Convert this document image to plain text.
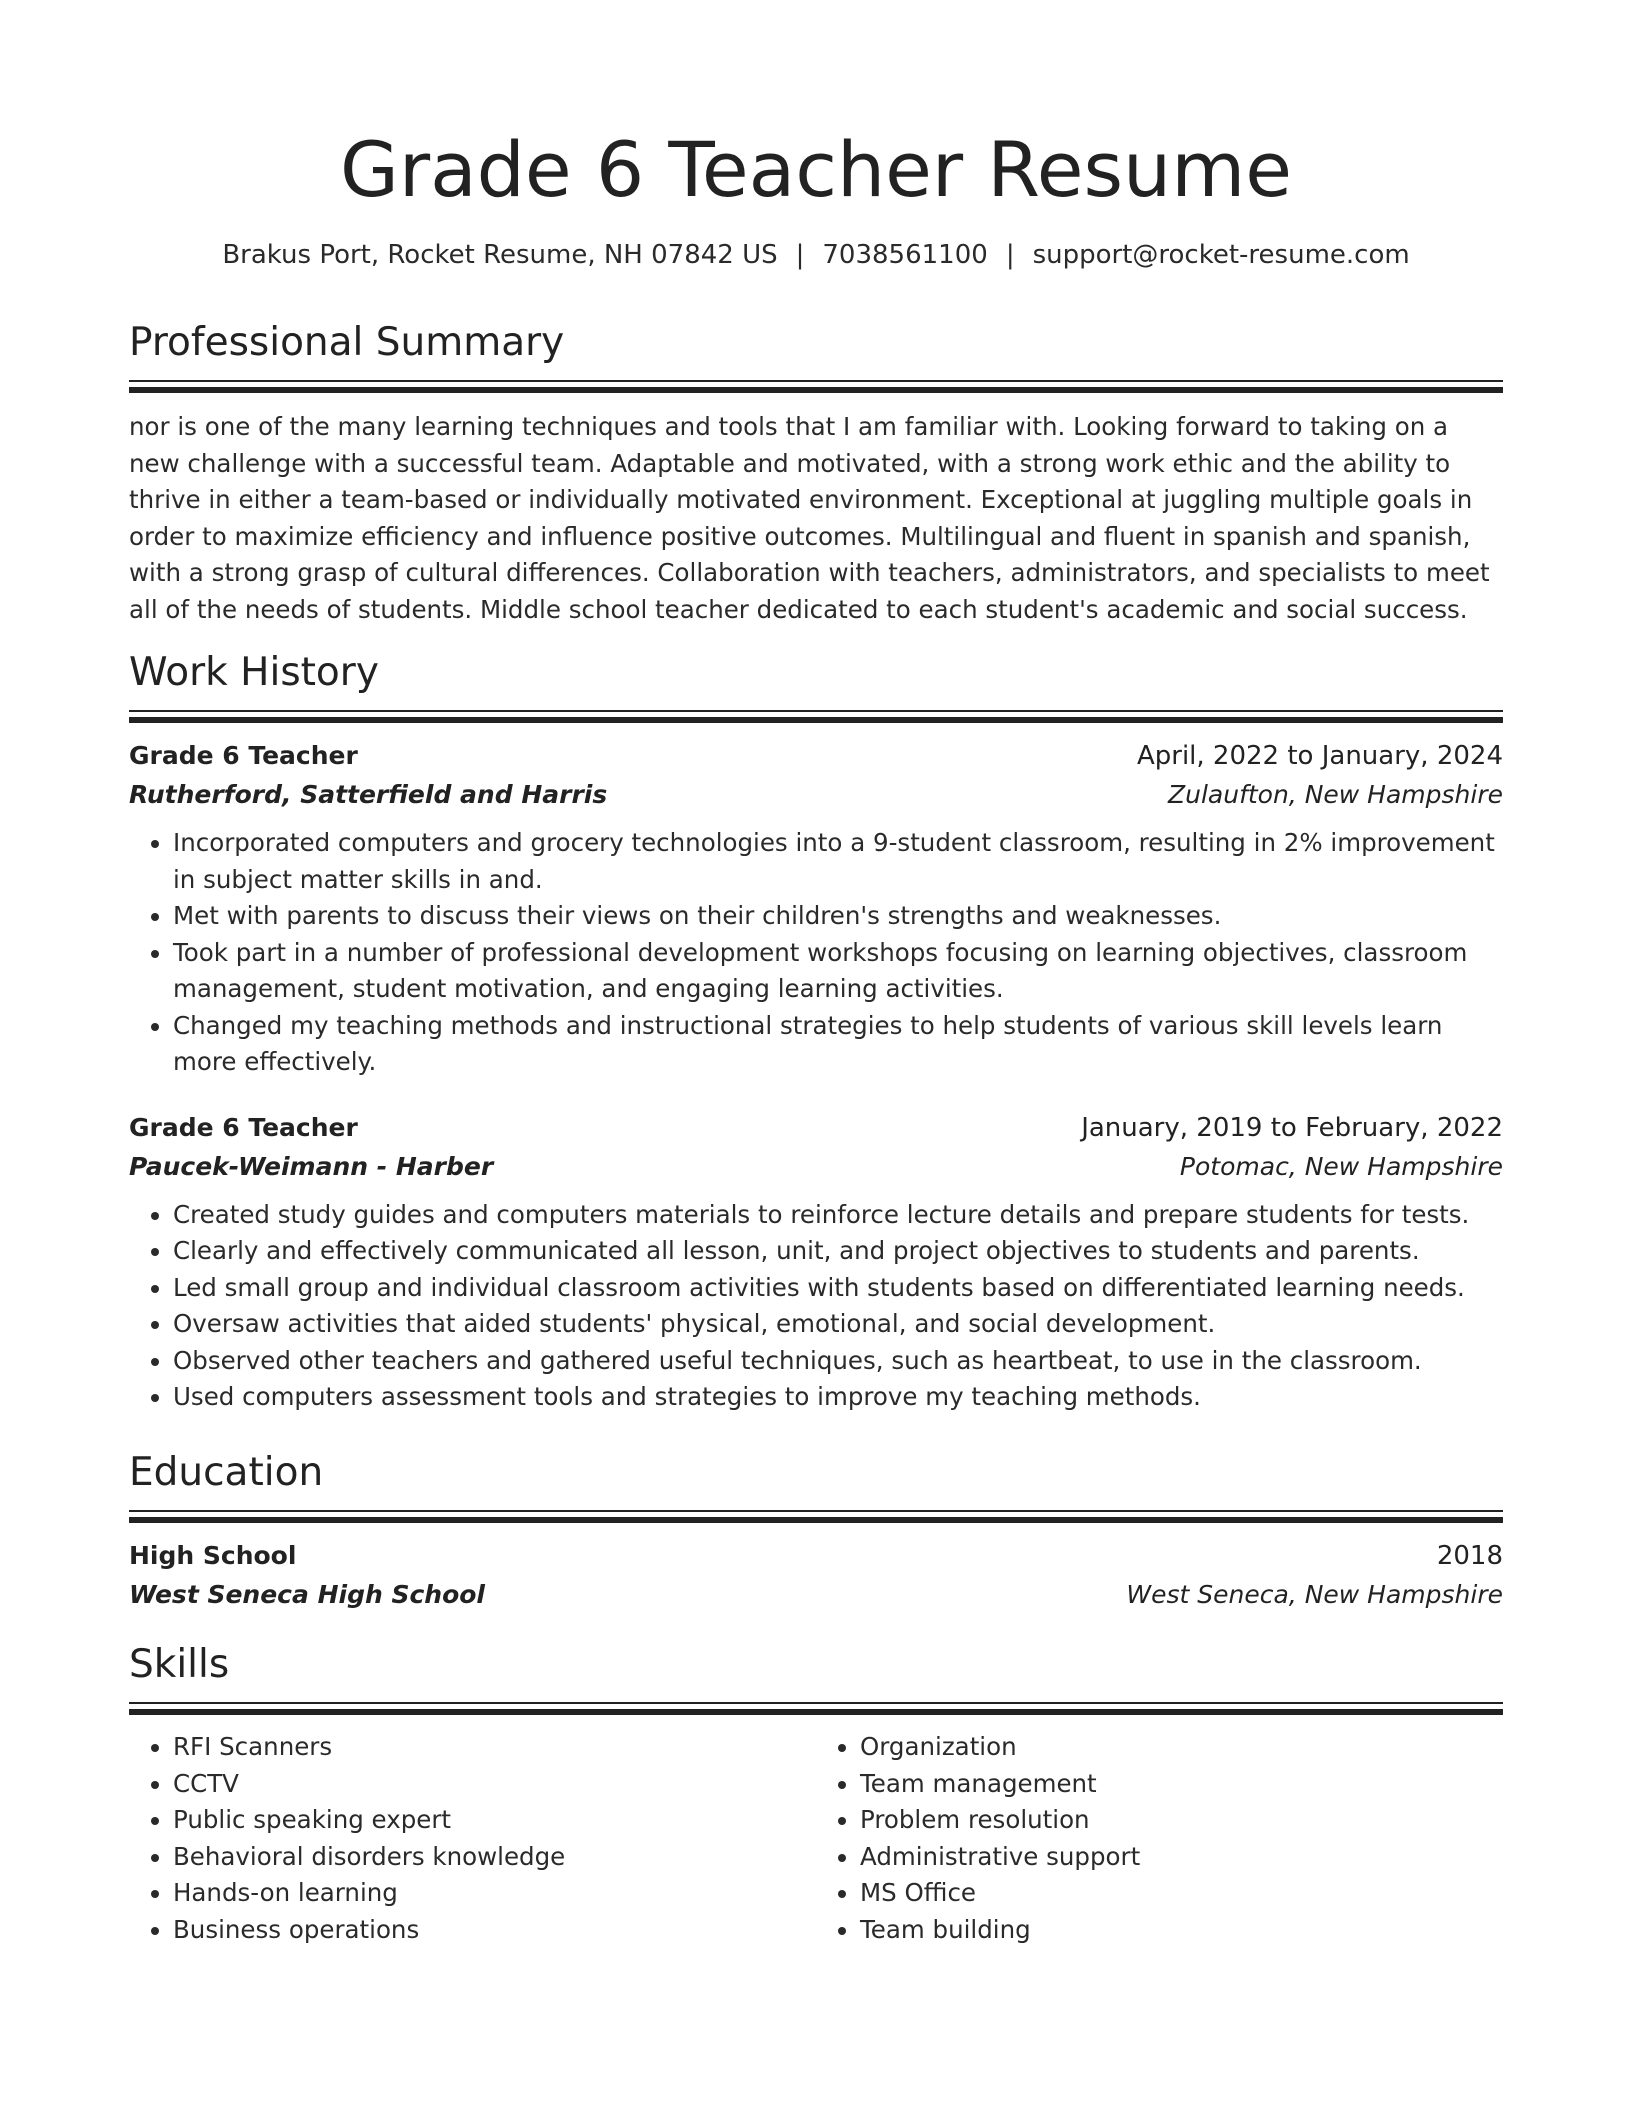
Grade 6 Teacher Resume
Brakus Port, Rocket Resume, NH 07842 US | 7038561100 | support@rocket-resume.com
Professional Summary
nor is one of the many learning techniques and tools that I am familiar with. Looking forward to taking on a new challenge with a successful team. Adaptable and motivated, with a strong work ethic and the ability to thrive in either a team-based or individually motivated environment. Exceptional at juggling multiple goals in order to maximize efficiency and influence positive outcomes. Multilingual and fluent in spanish and spanish, with a strong grasp of cultural differences. Collaboration with teachers, administrators, and specialists to meet all of the needs of students. Middle school teacher dedicated to each student's academic and social success.
Work History
Grade 6 Teacher	April, 2022 to January, 2024
Rutherford, Satterfield and Harris	Zulaufton, New Hampshire
• Incorporated computers and grocery technologies into a 9-student classroom, resulting in 2% improvement in subject matter skills in and.
• Met with parents to discuss their views on their children's strengths and weaknesses.
• Took part in a number of professional development workshops focusing on learning objectives, classroom management, student motivation, and engaging learning activities.
• Changed my teaching methods and instructional strategies to help students of various skill levels learn more effectively.
Grade 6 Teacher	January, 2019 to February, 2022
Paucek-Weimann - Harber	Potomac, New Hampshire
• Created study guides and computers materials to reinforce lecture details and prepare students for tests.
• Clearly and effectively communicated all lesson, unit, and project objectives to students and parents.
• Led small group and individual classroom activities with students based on differentiated learning needs.
• Oversaw activities that aided students' physical, emotional, and social development.
• Observed other teachers and gathered useful techniques, such as heartbeat, to use in the classroom.
• Used computers assessment tools and strategies to improve my teaching methods.
Education
High School	2018
West Seneca High School	West Seneca, New Hampshire
Skills
• RFI Scanners
• CCTV
• Public speaking expert
• Behavioral disorders knowledge
• Hands-on learning
• Business operations
• Organization
• Team management
• Problem resolution
• Administrative support
• MS Office
• Team building
